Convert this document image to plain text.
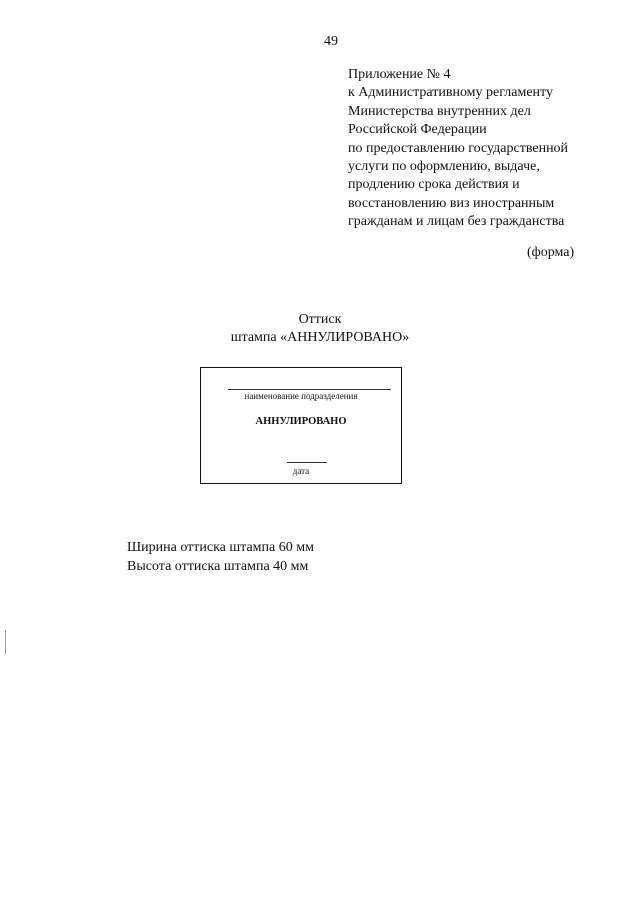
49
Приложение № 4
к Административному регламенту
Министерства внутренних дел
Российской Федерации
по предоставлению государственной
услуги по оформлению, выдаче,
продлению срока действия и
восстановлению виз иностранным
гражданам и лицам без гражданства
(форма)
Оттиск
штампа «АННУЛИРОВАНО»
наименование подразделения
АННУЛИРОВАНО
дата
Ширина оттиска штампа 60 мм
Высота оттиска штампа 40 мм
